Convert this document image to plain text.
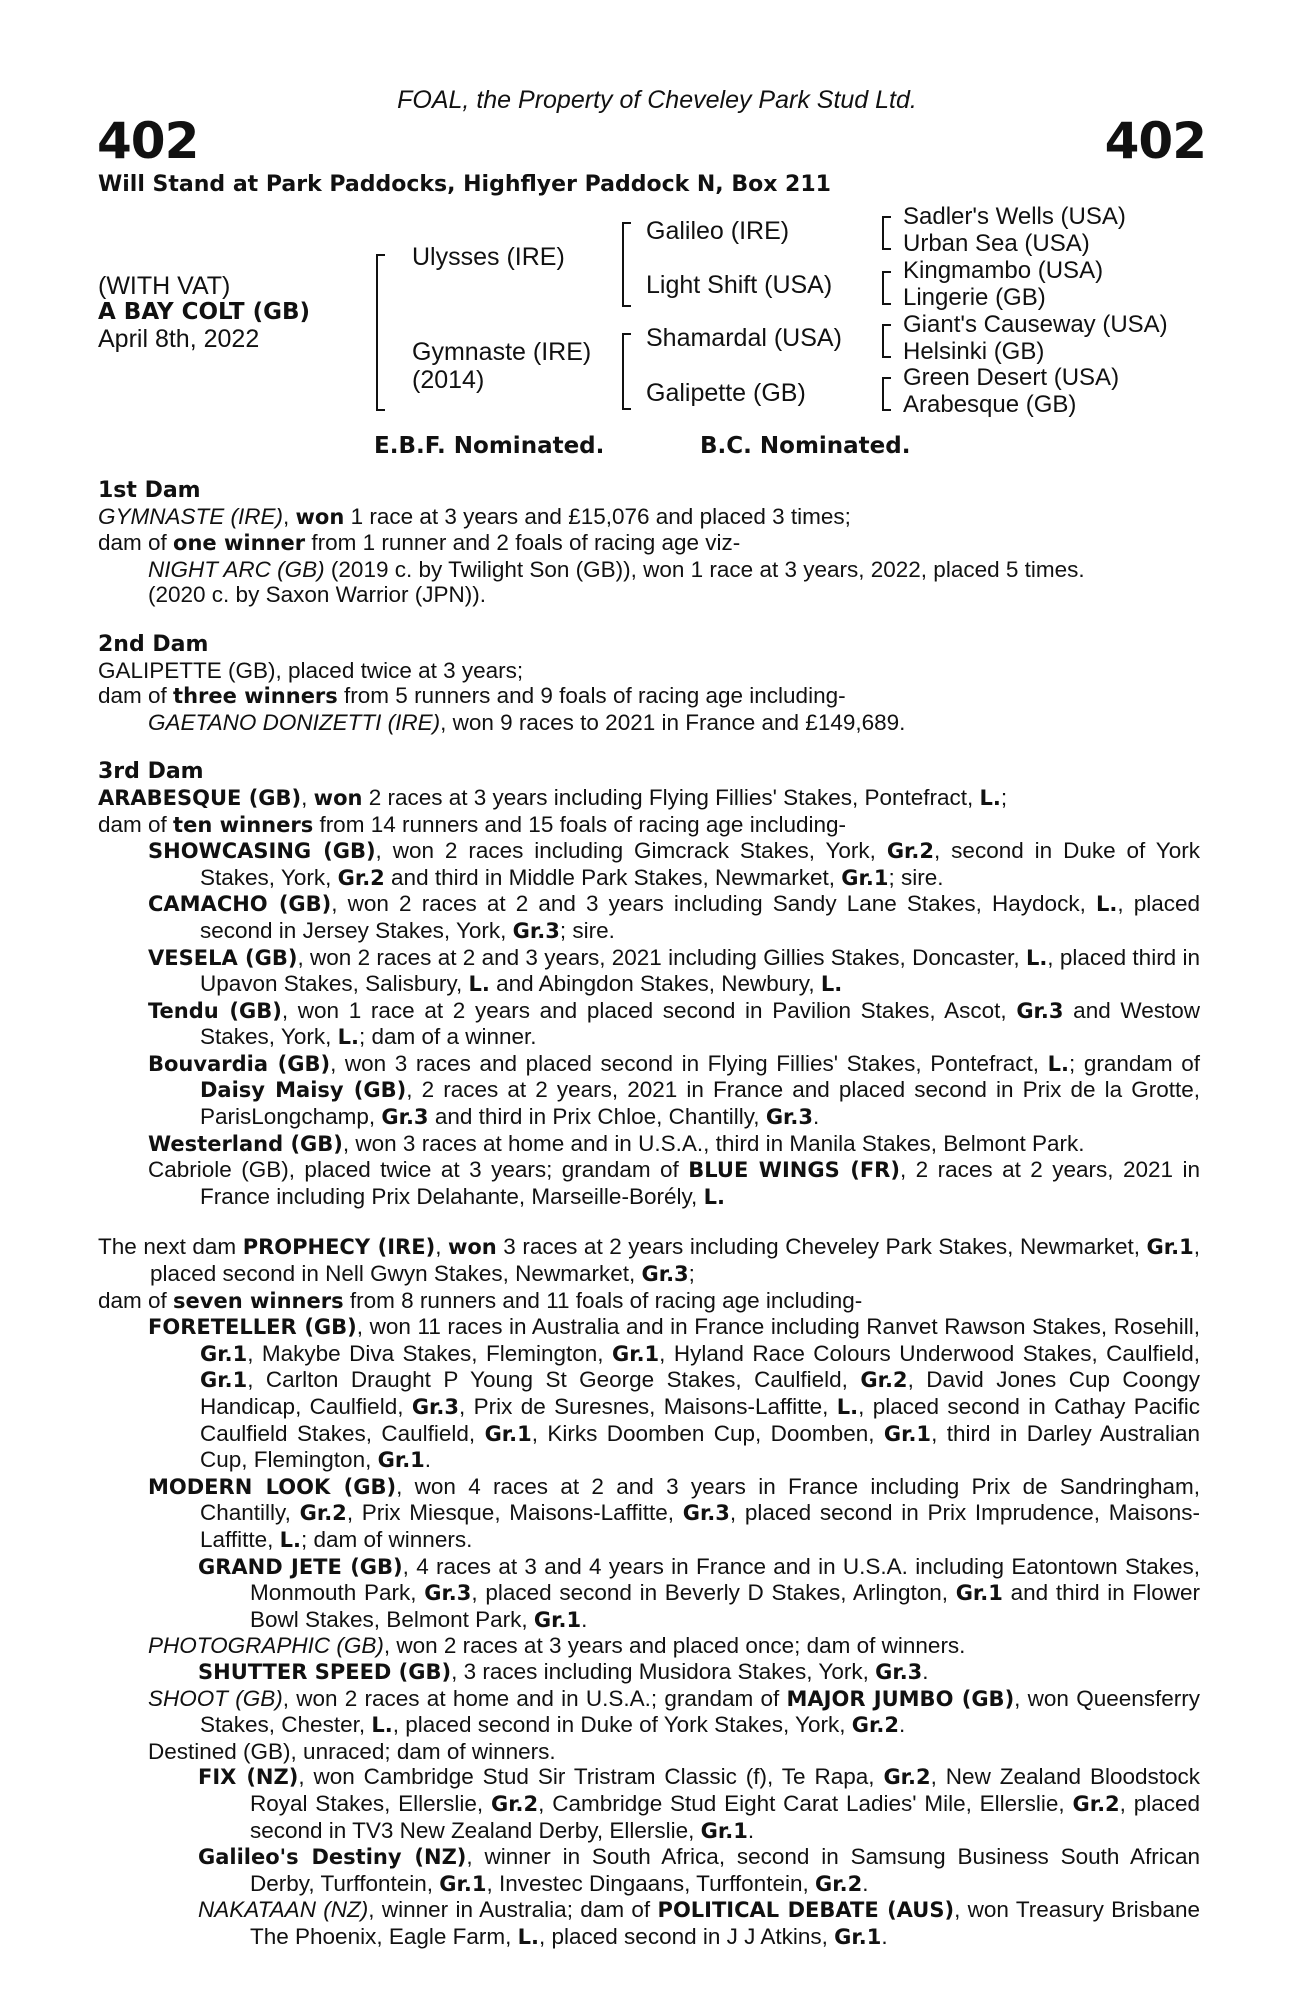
FOAL, the Property of Cheveley Park Stud Ltd.
402	402
Will Stand at Park Paddocks, Highflyer Paddock N, Box 211
(WITH VAT)
A BAY COLT (GB)
April 8th, 2022
Ulysses (IRE)
Gymnaste (IRE)
(2014)
Galileo (IRE)
Light Shift (USA)
Shamardal (USA)
Galipette (GB)
Sadler's Wells (USA)
Urban Sea (USA)
Kingmambo (USA)
Lingerie (GB)
Giant's Causeway (USA)
Helsinki (GB)
Green Desert (USA)
Arabesque (GB)
E.B.F. Nominated.	B.C. Nominated.

1st Dam

GYMNASTE (IRE), won 1 race at 3 years and £15,076 and placed 3 times;

dam of one winner from 1 runner and 2 foals of racing age viz-

NIGHT ARC (GB) (2019 c. by Twilight Son (GB)), won 1 race at 3 years, 2022, placed 5 times.

(2020 c. by Saxon Warrior (JPN)).

2nd Dam

GALIPETTE (GB), placed twice at 3 years;

dam of three winners from 5 runners and 9 foals of racing age including-

GAETANO DONIZETTI (IRE), won 9 races to 2021 in France and £149,689.

3rd Dam

ARABESQUE (GB), won 2 races at 3 years including Flying Fillies' Stakes, Pontefract, L.;

dam of ten winners from 14 runners and 15 foals of racing age including-

SHOWCASING (GB), won 2 races including Gimcrack Stakes, York, Gr.2, second in Duke of York Stakes, York, Gr.2 and third in Middle Park Stakes, Newmarket, Gr.1; sire.

CAMACHO (GB), won 2 races at 2 and 3 years including Sandy Lane Stakes, Haydock, L., placed second in Jersey Stakes, York, Gr.3; sire.

VESELA (GB), won 2 races at 2 and 3 years, 2021 including Gillies Stakes, Doncaster, L., placed third in Upavon Stakes, Salisbury, L. and Abingdon Stakes, Newbury, L.

Tendu (GB), won 1 race at 2 years and placed second in Pavilion Stakes, Ascot, Gr.3 and Westow Stakes, York, L.; dam of a winner.

Bouvardia (GB), won 3 races and placed second in Flying Fillies' Stakes, Pontefract, L.; grandam of Daisy Maisy (GB), 2 races at 2 years, 2021 in France and placed second in Prix de la Grotte, ParisLongchamp, Gr.3 and third in Prix Chloe, Chantilly, Gr.3.

Westerland (GB), won 3 races at home and in U.S.A., third in Manila Stakes, Belmont Park.

Cabriole (GB), placed twice at 3 years; grandam of BLUE WINGS (FR), 2 races at 2 years, 2021 in France including Prix Delahante, Marseille-Borély, L.

The next dam PROPHECY (IRE), won 3 races at 2 years including Cheveley Park Stakes, Newmarket, Gr.1, placed second in Nell Gwyn Stakes, Newmarket, Gr.3;

dam of seven winners from 8 runners and 11 foals of racing age including-

FORETELLER (GB), won 11 races in Australia and in France including Ranvet Rawson Stakes, Rosehill, Gr.1, Makybe Diva Stakes, Flemington, Gr.1, Hyland Race Colours Underwood Stakes, Caulfield, Gr.1, Carlton Draught P Young St George Stakes, Caulfield, Gr.2, David Jones Cup Coongy Handicap, Caulfield, Gr.3, Prix de Suresnes, Maisons-Laffitte, L., placed second in Cathay Pacific Caulfield Stakes, Caulfield, Gr.1, Kirks Doomben Cup, Doomben, Gr.1, third in Darley Australian Cup, Flemington, Gr.1.

MODERN LOOK (GB), won 4 races at 2 and 3 years in France including Prix de Sandringham, Chantilly, Gr.2, Prix Miesque, Maisons-Laffitte, Gr.3, placed second in Prix Imprudence, Maisons-Laffitte, L.; dam of winners.

GRAND JETE (GB), 4 races at 3 and 4 years in France and in U.S.A. including Eatontown Stakes, Monmouth Park, Gr.3, placed second in Beverly D Stakes, Arlington, Gr.1 and third in Flower Bowl Stakes, Belmont Park, Gr.1.

PHOTOGRAPHIC (GB), won 2 races at 3 years and placed once; dam of winners.

SHUTTER SPEED (GB), 3 races including Musidora Stakes, York, Gr.3.

SHOOT (GB), won 2 races at home and in U.S.A.; grandam of MAJOR JUMBO (GB), won Queensferry Stakes, Chester, L., placed second in Duke of York Stakes, York, Gr.2.

Destined (GB), unraced; dam of winners.

FIX (NZ), won Cambridge Stud Sir Tristram Classic (f), Te Rapa, Gr.2, New Zealand Bloodstock Royal Stakes, Ellerslie, Gr.2, Cambridge Stud Eight Carat Ladies' Mile, Ellerslie, Gr.2, placed second in TV3 New Zealand Derby, Ellerslie, Gr.1.

Galileo's Destiny (NZ), winner in South Africa, second in Samsung Business South African Derby, Turffontein, Gr.1, Investec Dingaans, Turffontein, Gr.2.

NAKATAAN (NZ), winner in Australia; dam of POLITICAL DEBATE (AUS), won Treasury Brisbane The Phoenix, Eagle Farm, L., placed second in J J Atkins, Gr.1.
